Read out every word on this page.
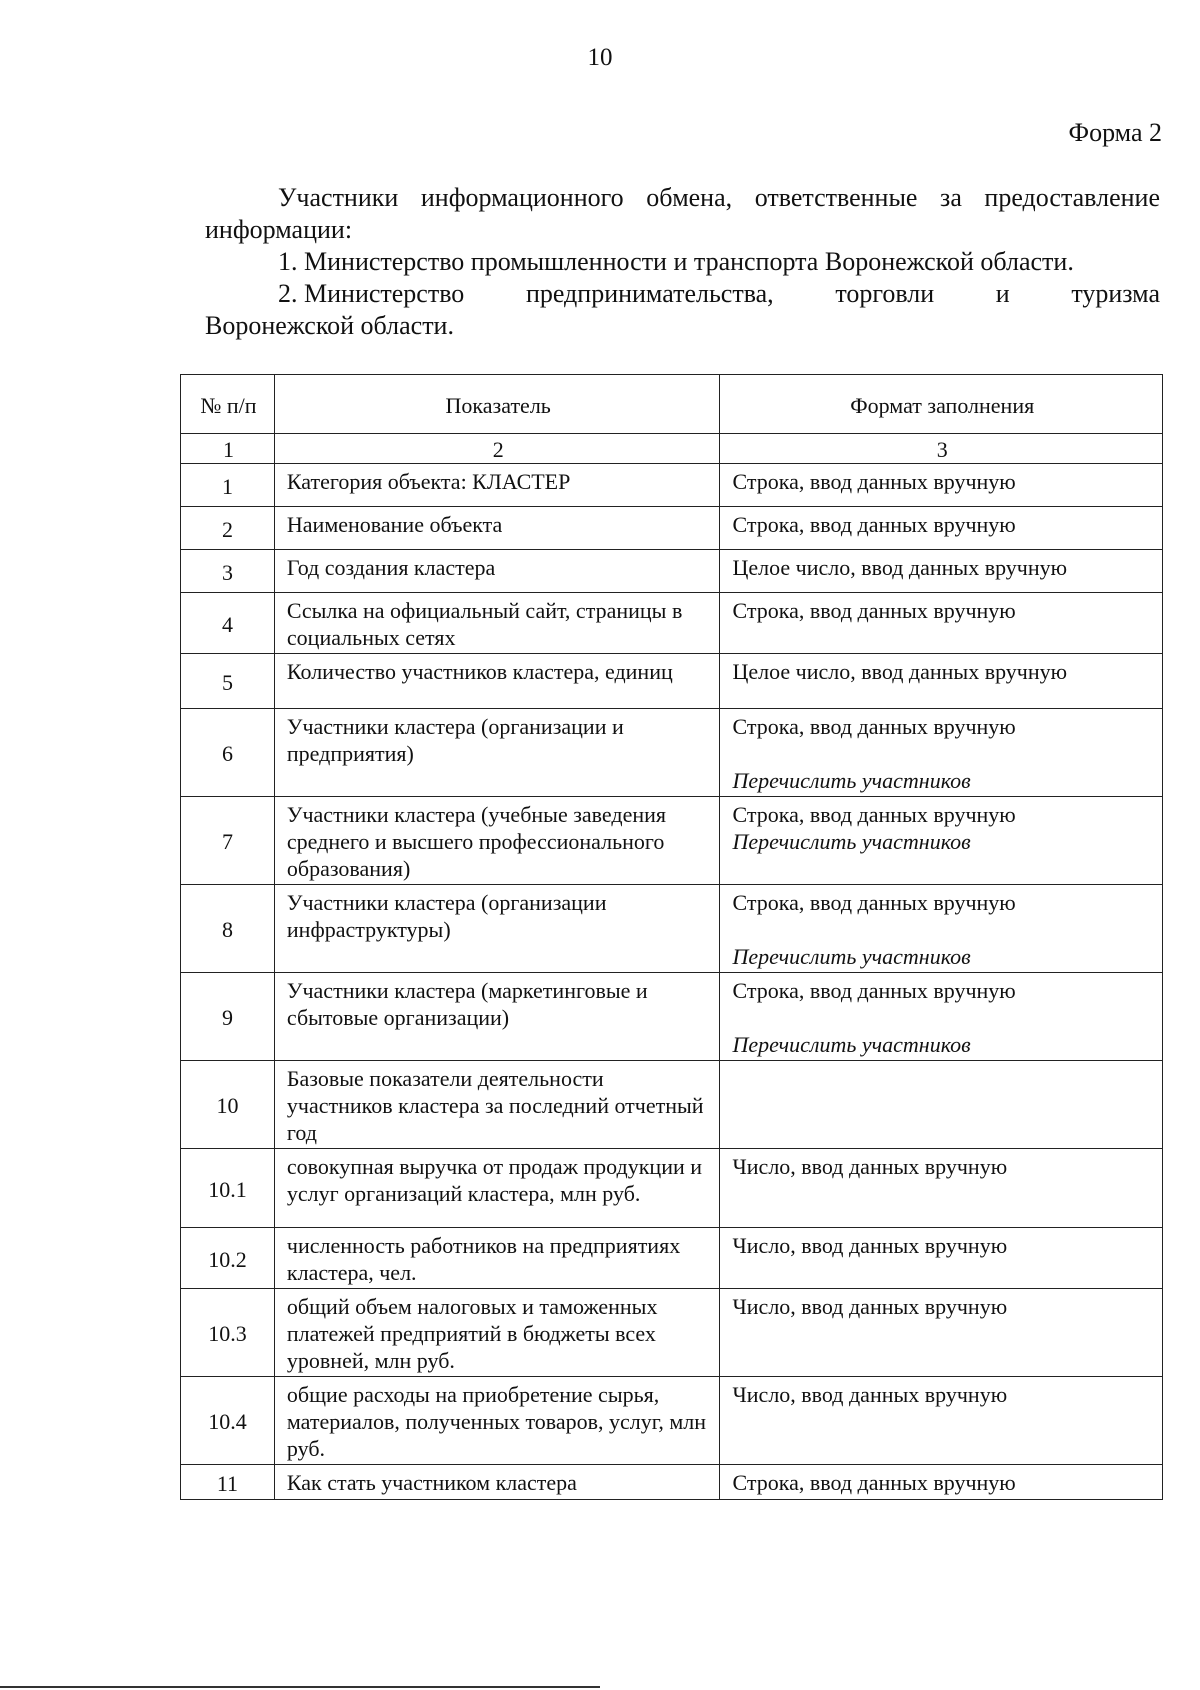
10
Форма 2

Участники информационного обмена, ответственные за предоставление информации:

1. Министерство промышленности и транспорта Воронежской области.

2. Министерство предпринимательства, торговли и туризма

Воронежской области.

№ п/п	Показатель	Формат заполнения
1	2	3
1	Категория объекта: КЛАСТЕР	Строка, ввод данных вручную
2	Наименование объекта	Строка, ввод данных вручную
3	Год создания кластера	Целое число, ввод данных вручную
4	Ссылка на официальный сайт, страницы в социальных сетях	Строка, ввод данных вручную
5	Количество участников кластера, единиц	Целое число, ввод данных вручную
6	Участники кластера (организации и предприятия)	Строка, ввод данных вручную
Перечислить участников

7	Участники кластера (учебные заведения среднего и высшего профессионального образования)	Строка, ввод данных вручную
Перечислить участников

8	Участники кластера (организации инфраструктуры)	Строка, ввод данных вручную
Перечислить участников

9	Участники кластера (маркетинговые и сбытовые организации)	Строка, ввод данных вручную
Перечислить участников

10	Базовые показатели деятельности участников кластера за последний отчетный год	
10.1	совокупная выручка от продаж продукции и услуг организаций кластера, млн руб.	Число, ввод данных вручную
10.2	численность работников на предприятиях кластера, чел.	Число, ввод данных вручную
10.3	общий объем налоговых и таможенных платежей предприятий в бюджеты всех уровней, млн руб.	Число, ввод данных вручную
10.4	общие расходы на приобретение сырья, материалов, полученных товаров, услуг, млн руб.	Число, ввод данных вручную
11	Как стать участником кластера	Строка, ввод данных вручную
